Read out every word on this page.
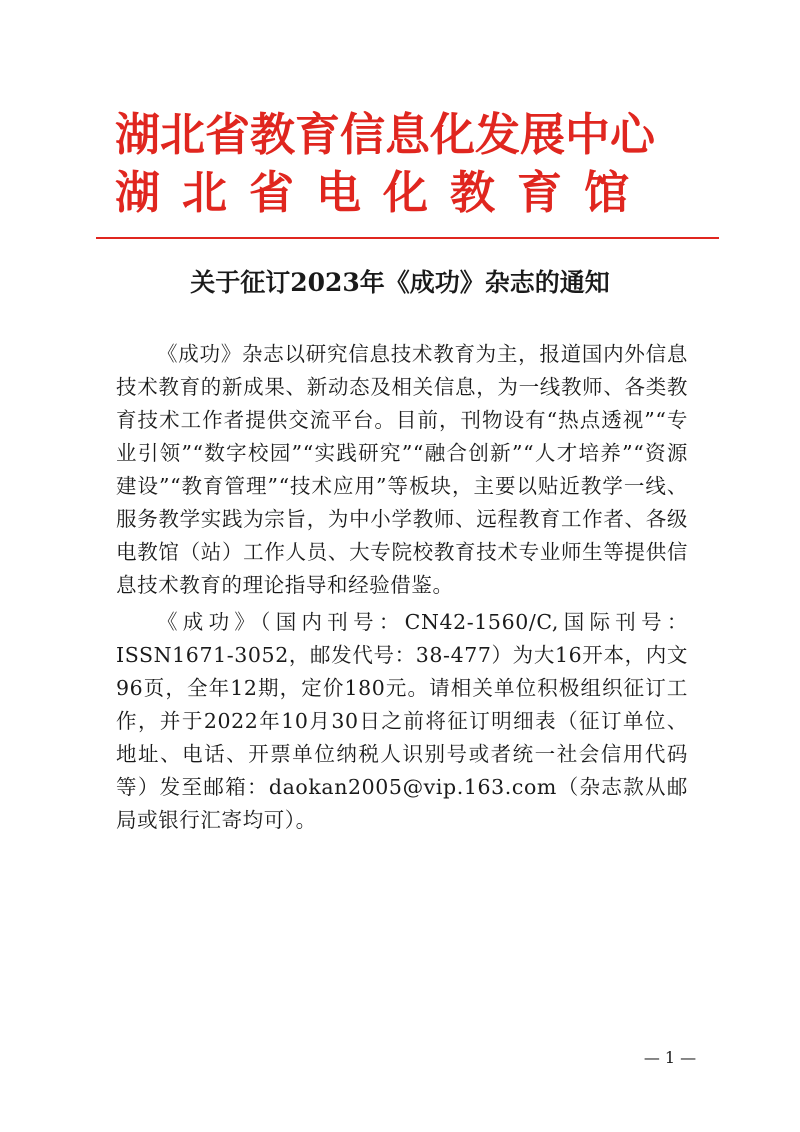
湖北省教育信息化发展中心
湖北省电化教育馆
关于征订2023年《成功》杂志的通知

《成功》杂志以研究信息技术教育为主，报道国内外信息技术教育的新成果、新动态及相关信息，为一线教师、各类教育技术工作者提供交流平台。目前，刊物设有“热点透视”“专业引领”“数字校园”“实践研究”“融合创新”“人才培养”“资源建设”“教育管理”“技术应用”等板块，主要以贴近教学一线、服务教学实践为宗旨，为中小学教师、远程教育工作者、各级电教馆（站）工作人员、大专院校教育技术专业师生等提供信息技术教育的理论指导和经验借鉴。

《成功》（国内刊号：CN42-1560/C,国际刊号：ISSN1671-3052，邮发代号：38-477）为大16开本，内文96页，全年12期，定价180元。请相关单位积极组织征订工作，并于2022年10月30日之前将征订明细表（征订单位、地址、电话、开票单位纳税人识别号或者统一社会信用代码等）发至邮箱：daokan2005@vip.163.com（杂志款从邮局或银行汇寄均可）。

— 1 —
